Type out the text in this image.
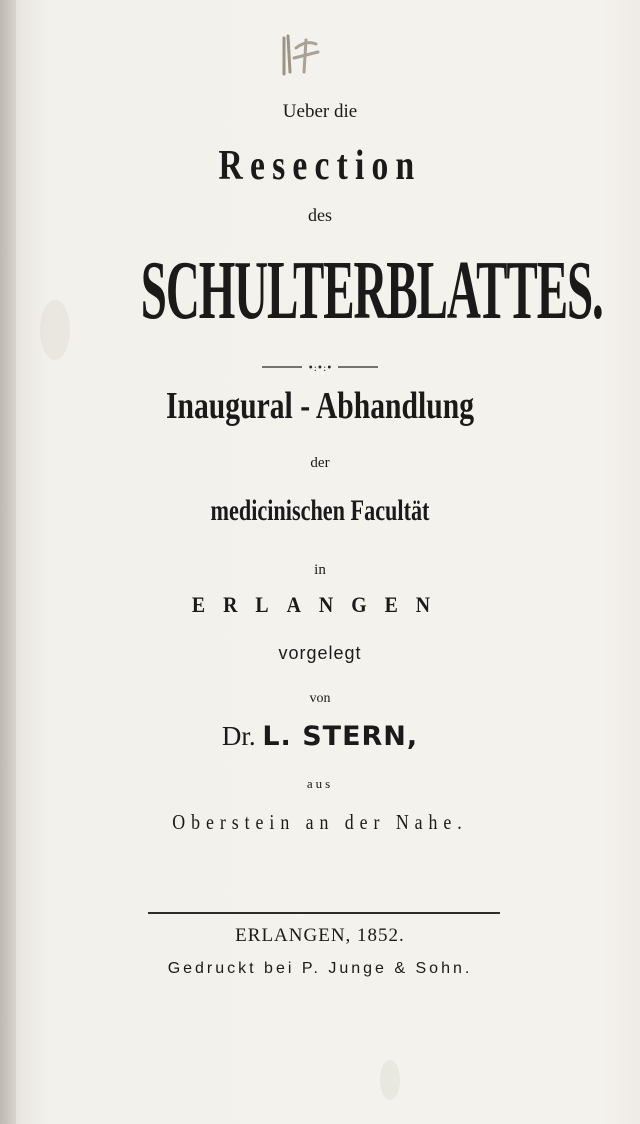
Ueber die
Resection
des
SCHULTERBLATTES.
•:•:•
Inaugural - Abhandlung
der
medicinischen Facultät
in
ERLANGEN
vorgelegt
von
Dr. L. STERN,
aus
Oberstein an der Nahe.
ERLANGEN, 1852.
Gedruckt bei P. Junge & Sohn.
